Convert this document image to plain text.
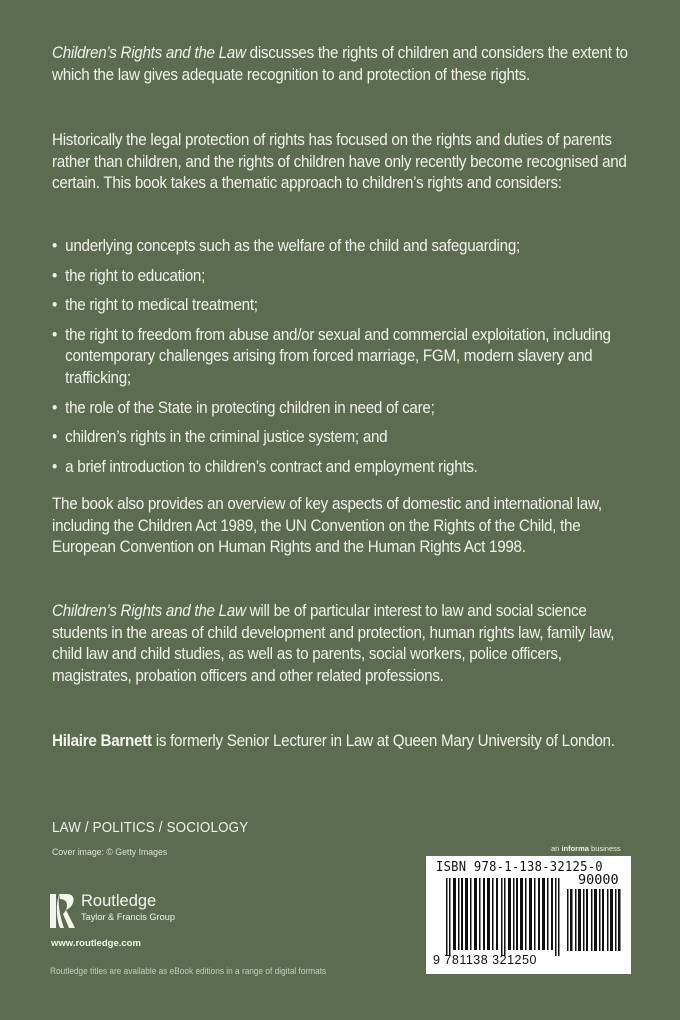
Children’s Rights and the Law discusses the rights of children and considers the extent to which the law gives adequate recognition to and protection of these rights.

Historically the legal protection of rights has focused on the rights and duties of parents rather than children, and the rights of children have only recently become recognised and certain. This book takes a thematic approach to children’s rights and considers:

• underlying concepts such as the welfare of the child and safeguarding;
• the right to education;
• the right to medical treatment;
• the right to freedom from abuse and/or sexual and commercial exploitation, including contemporary challenges arising from forced marriage, FGM, modern slavery and trafficking;
• the role of the State in protecting children in need of care;
• children’s rights in the criminal justice system; and
• a brief introduction to children’s contract and employment rights.

The book also provides an overview of key aspects of domestic and international law, including the Children Act 1989, the UN Convention on the Rights of the Child, the European Convention on Human Rights and the Human Rights Act 1998.

Children’s Rights and the Law will be of particular interest to law and social science students in the areas of child development and protection, human rights law, family law, child law and child studies, as well as to parents, social workers, police officers, magistrates, probation officers and other related professions.

Hilaire Barnett is formerly Senior Lecturer in Law at Queen Mary University of London.

LAW / POLITICS / SOCIOLOGY
Cover image: © Getty Images
Routledge
Taylor & Francis Group
www.routledge.com
Routledge titles are available as eBook editions in a range of digital formats
an informa business
ISBN 978-1-138-32125-0
90000
9 781138 321250
